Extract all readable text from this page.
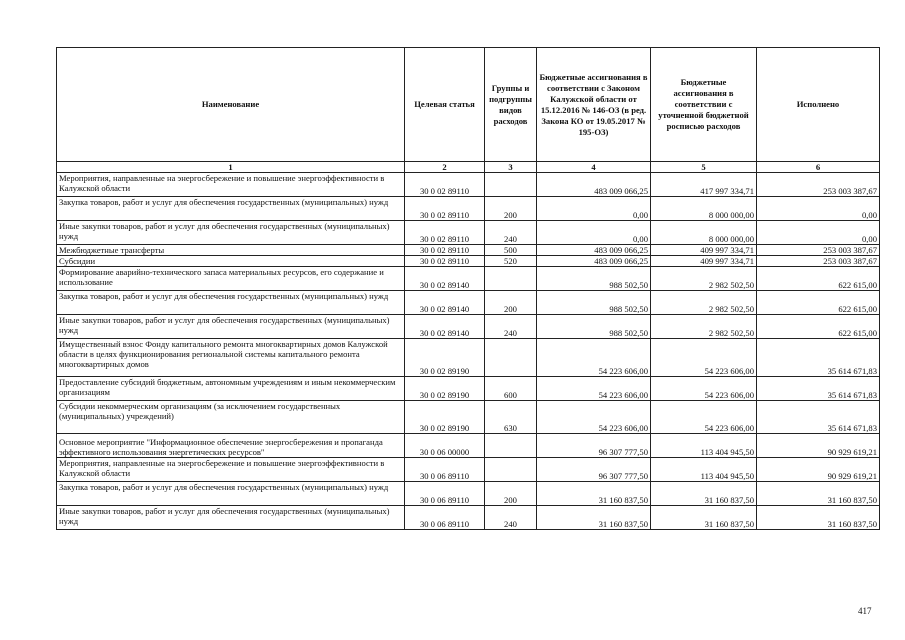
Наименование	Целевая статья	Группы и подгруппы видов расходов	Бюджетные ассигнования в соответствии с Законом Калужской области от 15.12.2016 № 146-ОЗ (в ред. Закона КО от 19.05.2017 № 195-ОЗ)	Бюджетные ассигнования в соответствии с уточненной бюджетной росписью расходов	Исполнено
1	2	3	4	5	6
Мероприятия, направленные на энергосбережение и повышение энергоэффективности в Калужской области	30 0 02 89110		483 009 066,25	417 997 334,71	253 003 387,67
Закупка товаров, работ и услуг для обеспечения государственных (муниципальных) нужд	30 0 02 89110	200	0,00	8 000 000,00	0,00
Иные закупки товаров, работ и услуг для обеспечения государственных (муниципальных) нужд	30 0 02 89110	240	0,00	8 000 000,00	0,00
Межбюджетные трансферты	30 0 02 89110	500	483 009 066,25	409 997 334,71	253 003 387,67
Субсидии	30 0 02 89110	520	483 009 066,25	409 997 334,71	253 003 387,67
Формирование аварийно-технического запаса материальных ресурсов, его содержание и использование	30 0 02 89140		988 502,50	2 982 502,50	622 615,00
Закупка товаров, работ и услуг для обеспечения государственных (муниципальных) нужд	30 0 02 89140	200	988 502,50	2 982 502,50	622 615,00
Иные закупки товаров, работ и услуг для обеспечения государственных (муниципальных) нужд	30 0 02 89140	240	988 502,50	2 982 502,50	622 615,00
Имущественный взнос Фонду капитального ремонта многоквартирных домов Калужской области в целях функционирования региональной системы капитального ремонта многоквартирных домов	30 0 02 89190		54 223 606,00	54 223 606,00	35 614 671,83
Предоставление субсидий бюджетным, автономным учреждениям и иным некоммерческим организациям	30 0 02 89190	600	54 223 606,00	54 223 606,00	35 614 671,83
Субсидии некоммерческим организациям (за исключением государственных (муниципальных) учреждений)	30 0 02 89190	630	54 223 606,00	54 223 606,00	35 614 671,83
Основное мероприятие "Информационное обеспечение энергосбережения и пропаганда эффективного использования энергетических ресурсов"	30 0 06 00000		96 307 777,50	113 404 945,50	90 929 619,21
Мероприятия, направленные на энергосбережение и повышение энергоэффективности в Калужской области	30 0 06 89110		96 307 777,50	113 404 945,50	90 929 619,21
Закупка товаров, работ и услуг для обеспечения государственных (муниципальных) нужд	30 0 06 89110	200	31 160 837,50	31 160 837,50	31 160 837,50
Иные закупки товаров, работ и услуг для обеспечения государственных (муниципальных) нужд	30 0 06 89110	240	31 160 837,50	31 160 837,50	31 160 837,50
417
